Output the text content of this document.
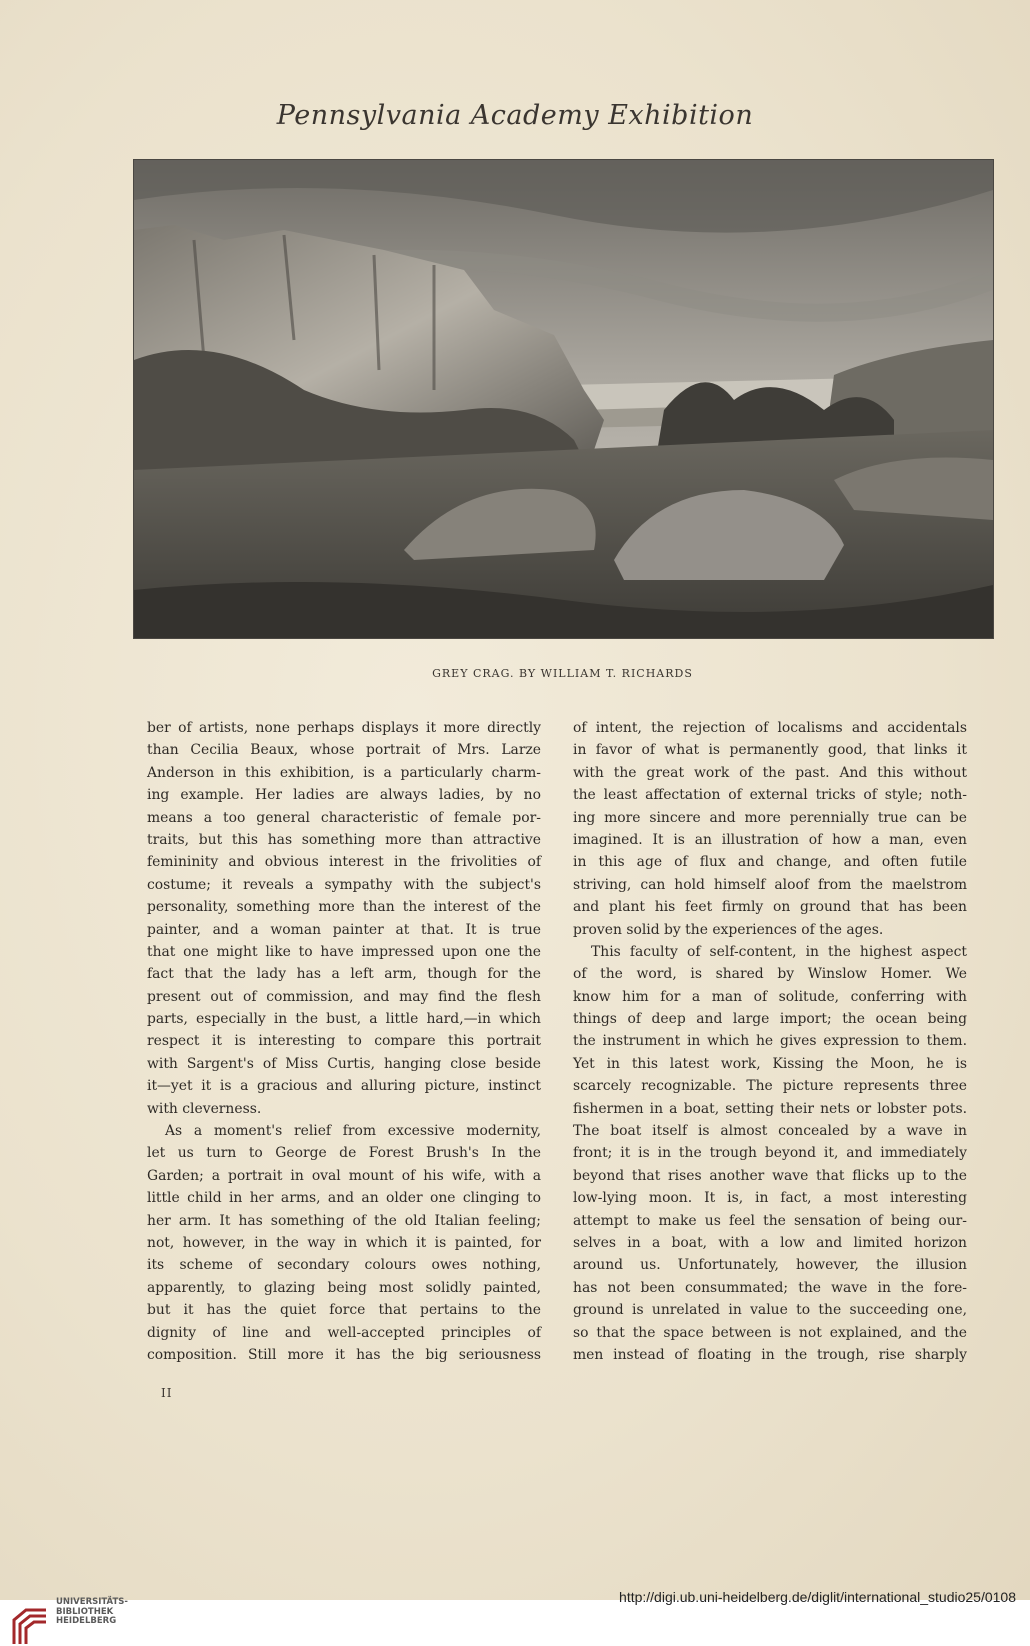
Pennsylvania Academy Exhibition
GREY CRAG. BY WILLIAM T. RICHARDS
ber of artists, none perhaps displays it more directly
than Cecilia Beaux, whose portrait of Mrs. Larze
Anderson in this exhibition, is a particularly charm-
ing example. Her ladies are always ladies, by no
means a too general characteristic of female por-
traits, but this has something more than attractive
femininity and obvious interest in the frivolities of
costume; it reveals a sympathy with the subject's
personality, something more than the interest of the
painter, and a woman painter at that. It is true
that one might like to have impressed upon one the
fact that the lady has a left arm, though for the
present out of commission, and may find the flesh
parts, especially in the bust, a little hard,—in which
respect it is interesting to compare this portrait
with Sargent's of Miss Curtis, hanging close beside
it—yet it is a gracious and alluring picture, instinct
with cleverness.
As a moment's relief from excessive modernity,
let us turn to George de Forest Brush's In the
Garden; a portrait in oval mount of his wife, with a
little child in her arms, and an older one clinging to
her arm. It has something of the old Italian feeling;
not, however, in the way in which it is painted, for
its scheme of secondary colours owes nothing,
apparently, to glazing being most solidly painted,
but it has the quiet force that pertains to the
dignity of line and well-accepted principles of
composition. Still more it has the big seriousness
of intent, the rejection of localisms and accidentals
in favor of what is permanently good, that links it
with the great work of the past. And this without
the least affectation of external tricks of style; noth-
ing more sincere and more perennially true can be
imagined. It is an illustration of how a man, even
in this age of flux and change, and often futile
striving, can hold himself aloof from the maelstrom
and plant his feet firmly on ground that has been
proven solid by the experiences of the ages.
This faculty of self-content, in the highest aspect
of the word, is shared by Winslow Homer. We
know him for a man of solitude, conferring with
things of deep and large import; the ocean being
the instrument in which he gives expression to them.
Yet in this latest work, Kissing the Moon, he is
scarcely recognizable. The picture represents three
fishermen in a boat, setting their nets or lobster pots.
The boat itself is almost concealed by a wave in
front; it is in the trough beyond it, and immediately
beyond that rises another wave that flicks up to the
low-lying moon. It is, in fact, a most interesting
attempt to make us feel the sensation of being our-
selves in a boat, with a low and limited horizon
around us. Unfortunately, however, the illusion
has not been consummated; the wave in the fore-
ground is unrelated in value to the succeeding one,
so that the space between is not explained, and the
men instead of floating in the trough, rise sharply
II
UNIVERSITÄTS-
BIBLIOTHEK
HEIDELBERG
http://digi.ub.uni-heidelberg.de/diglit/international_studio25/0108
